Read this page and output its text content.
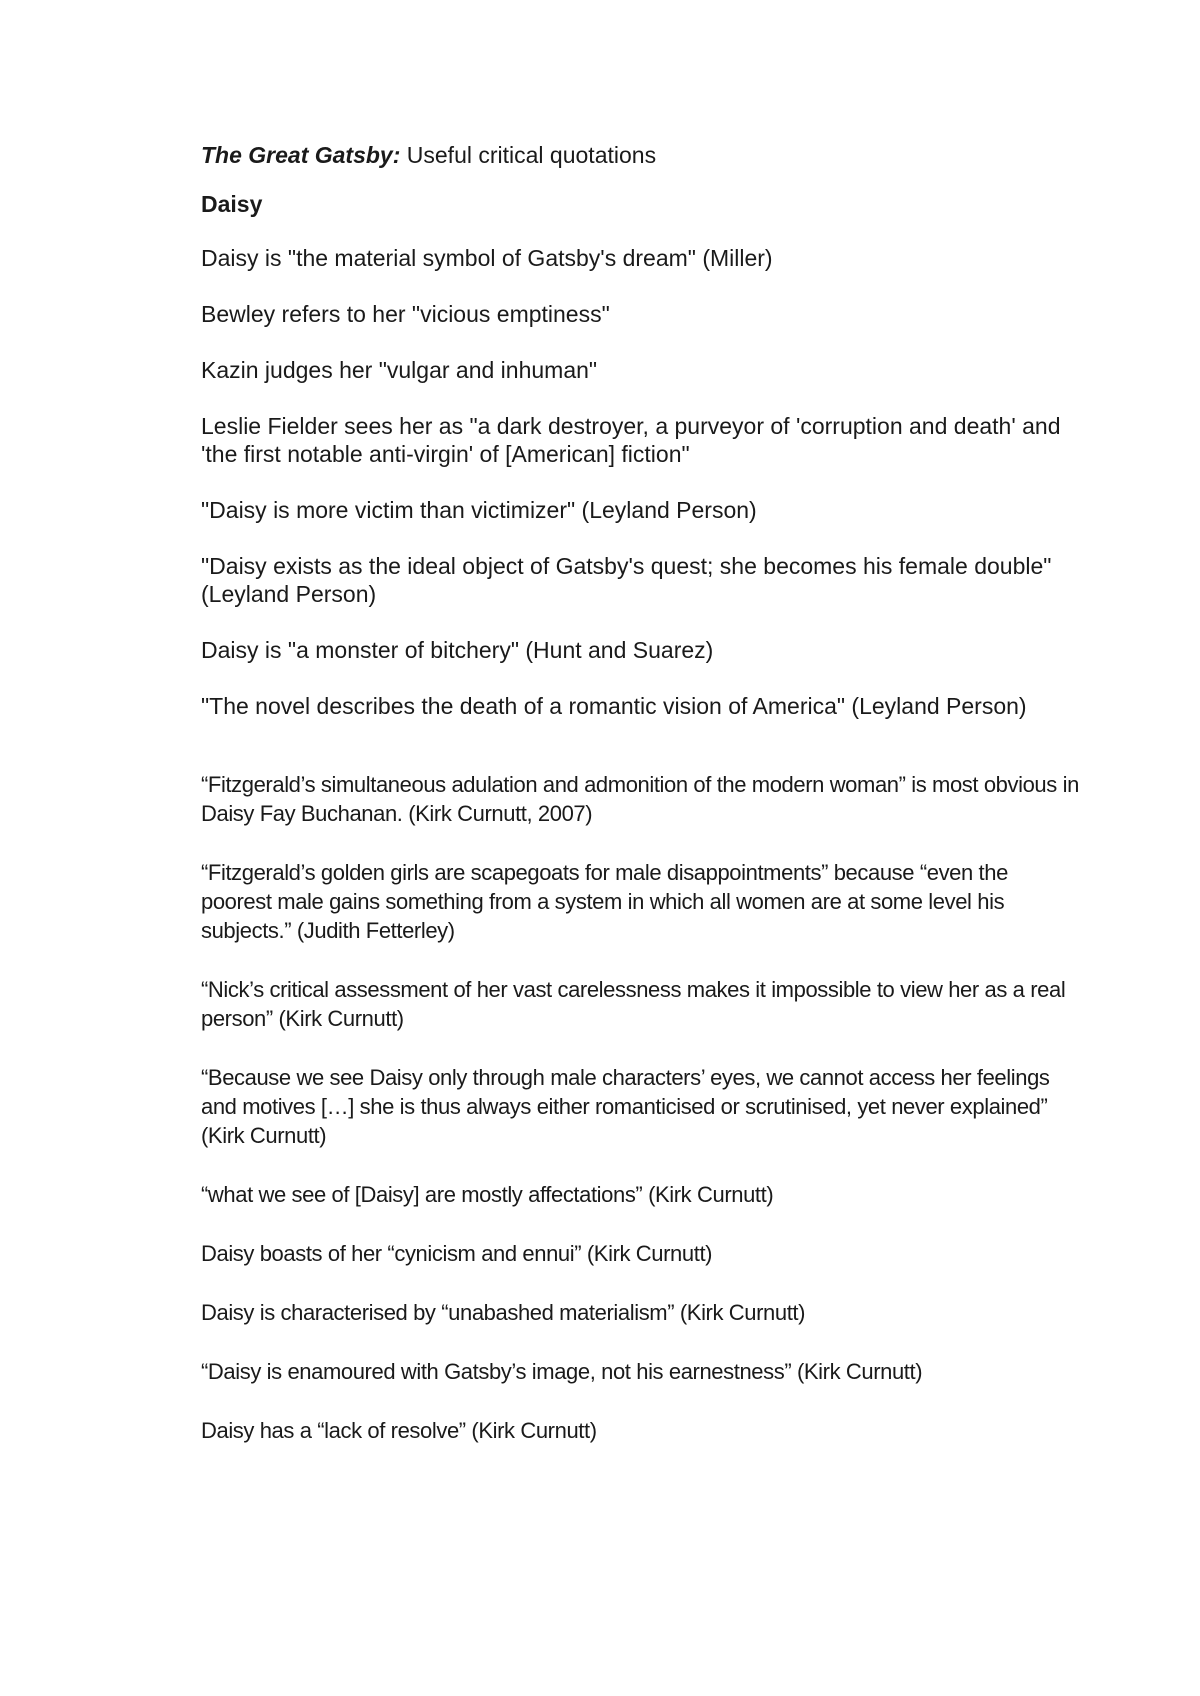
The Great Gatsby: Useful critical quotations

Daisy

Daisy is "the material symbol of Gatsby's dream" (Miller)

Bewley refers to her "vicious emptiness"

Kazin judges her "vulgar and inhuman"

Leslie Fielder sees her as "a dark destroyer, a purveyor of 'corruption and death' and 'the first notable anti-virgin' of [American] fiction"

"Daisy is more victim than victimizer" (Leyland Person)

"Daisy exists as the ideal object of Gatsby's quest; she becomes his female double" (Leyland Person)

Daisy is "a monster of bitchery" (Hunt and Suarez)

"The novel describes the death of a romantic vision of America" (Leyland Person)

“Fitzgerald’s simultaneous adulation and admonition of the modern woman” is most obvious in Daisy Fay Buchanan. (Kirk Curnutt, 2007)

“Fitzgerald’s golden girls are scapegoats for male disappointments” because “even the poorest male gains something from a system in which all women are at some level his subjects.” (Judith Fetterley)

“Nick’s critical assessment of her vast carelessness makes it impossible to view her as a real person” (Kirk Curnutt)

“Because we see Daisy only through male characters’ eyes, we cannot access her feelings and motives […] she is thus always either romanticised or scrutinised, yet never explained” (Kirk Curnutt)

“what we see of [Daisy] are mostly affectations” (Kirk Curnutt)

Daisy boasts of her “cynicism and ennui” (Kirk Curnutt)

Daisy is characterised by “unabashed materialism” (Kirk Curnutt)

“Daisy is enamoured with Gatsby’s image, not his earnestness” (Kirk Curnutt)

Daisy has a “lack of resolve” (Kirk Curnutt)
